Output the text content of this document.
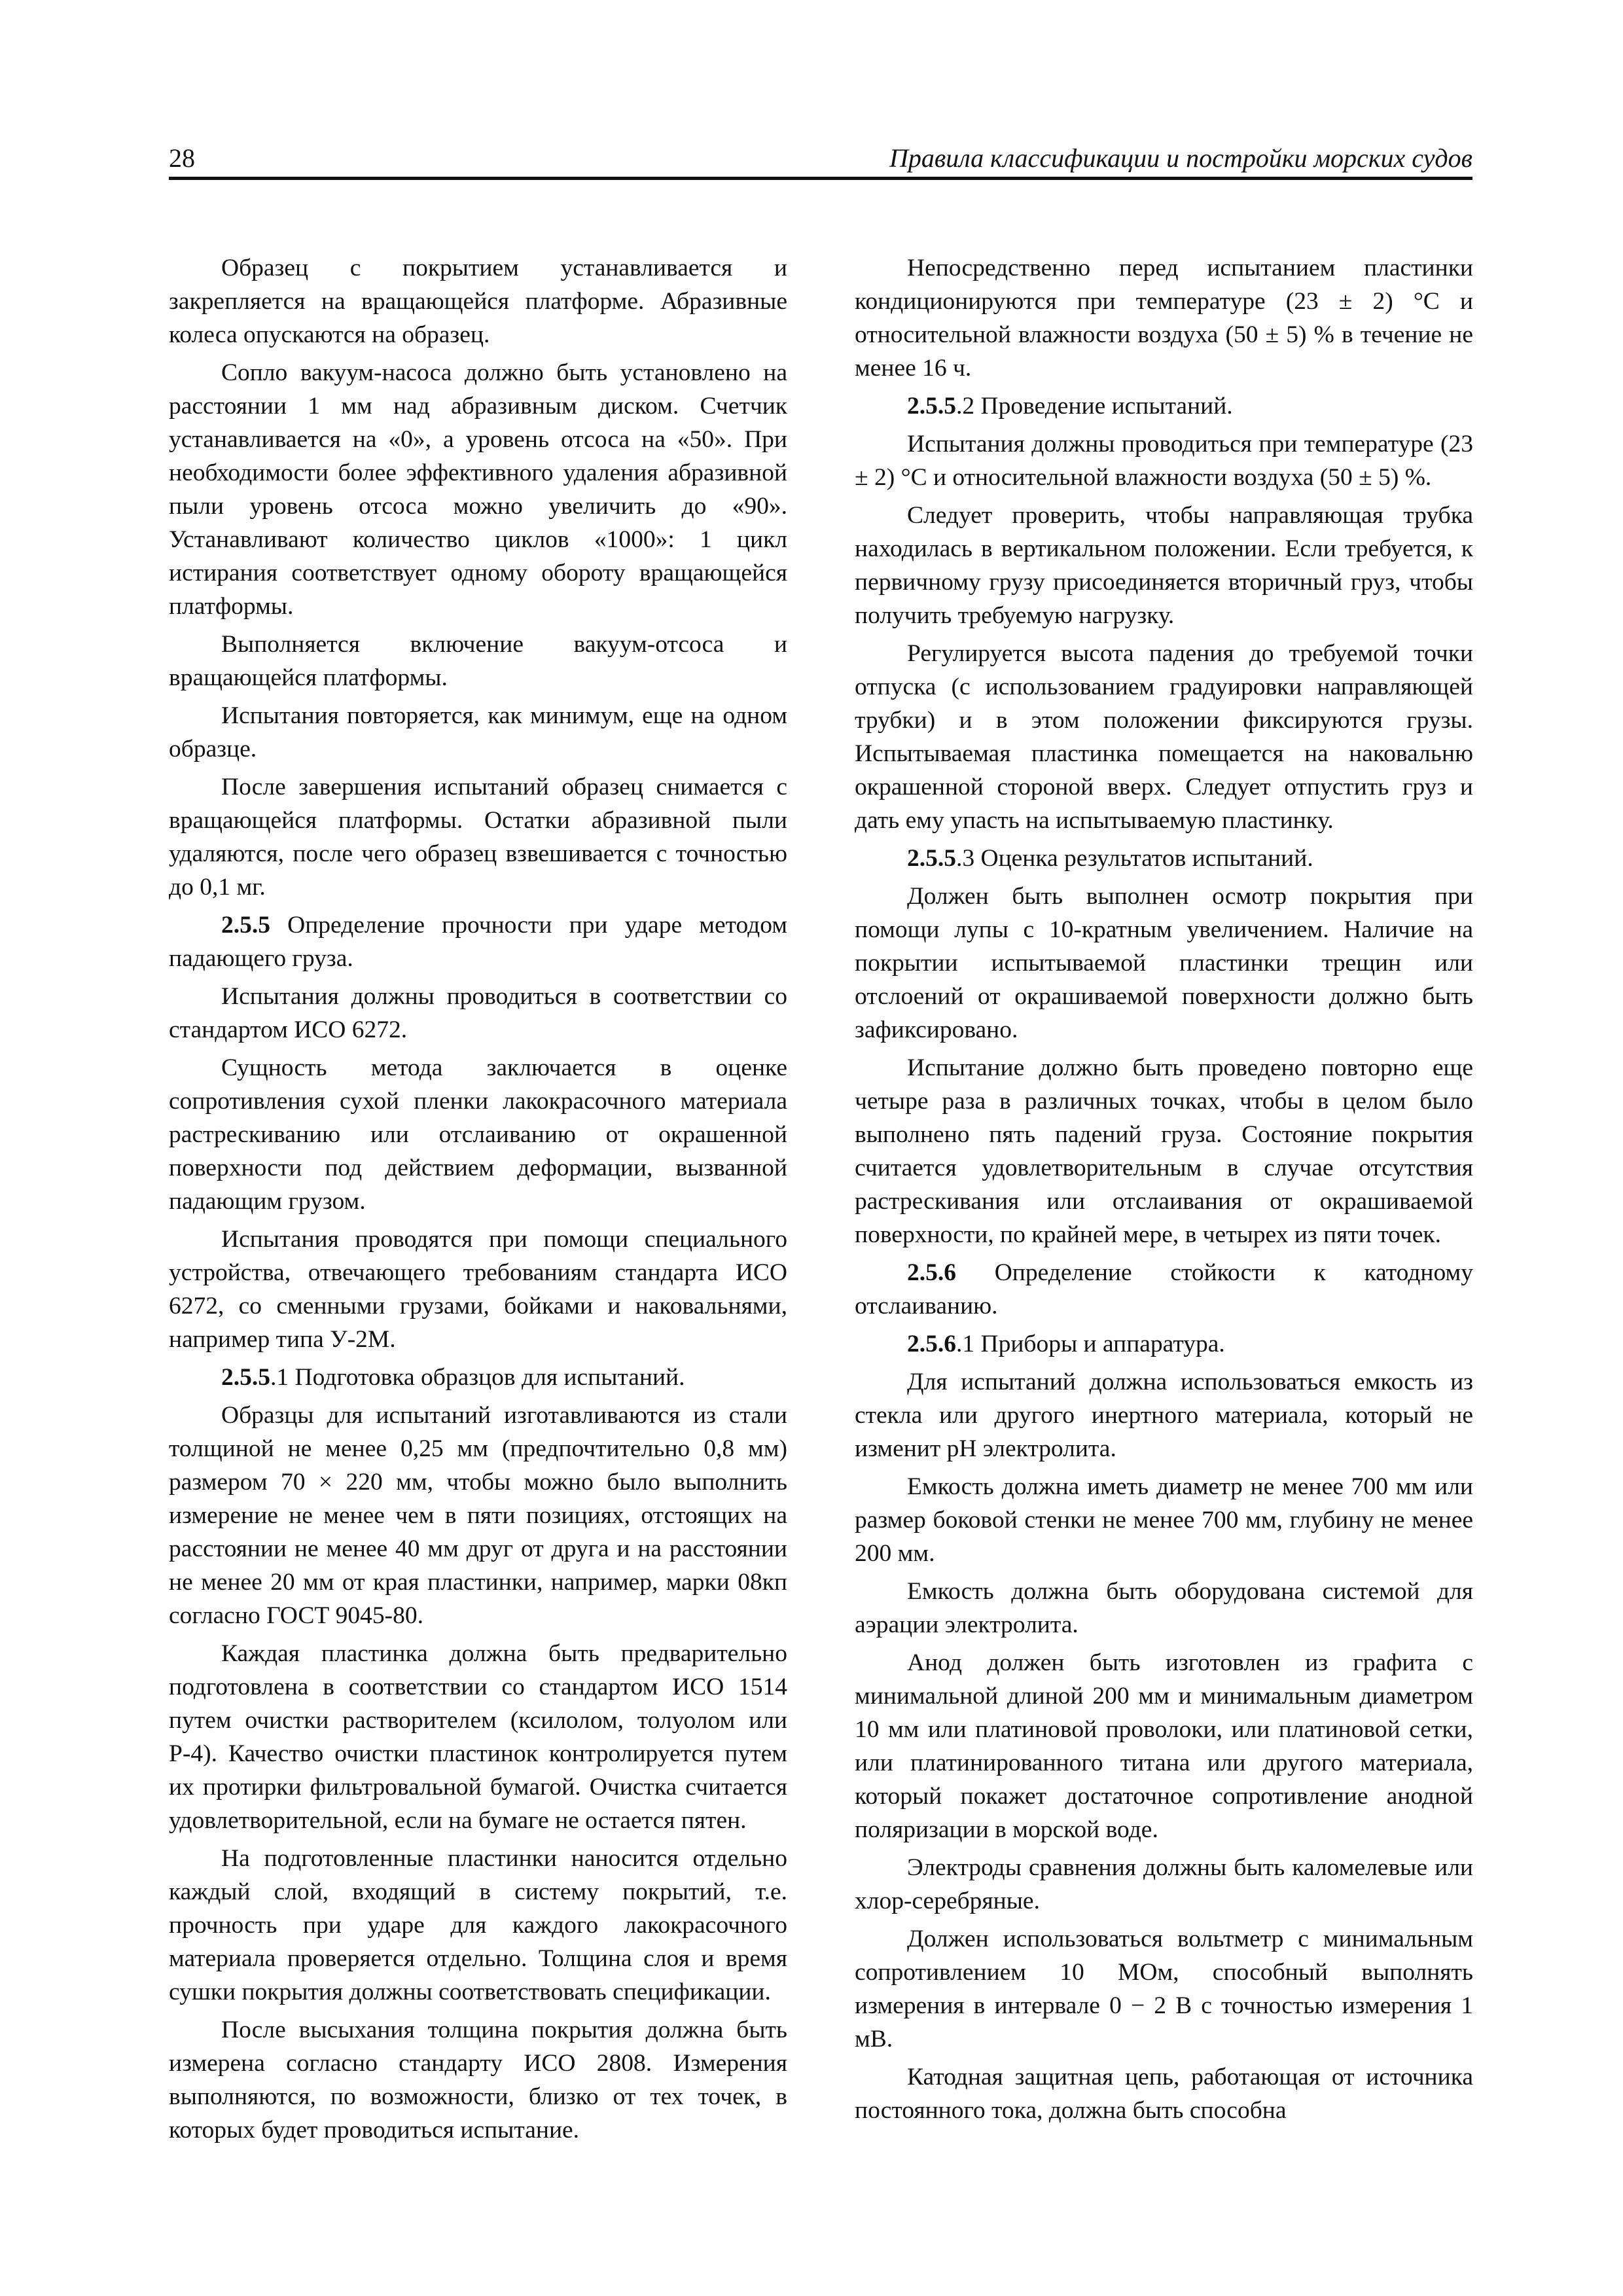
28	Правила классификации и постройки морских судов

Образец с покрытием устанавливается и закрепляется на вращающейся платформе. Абразивные колеса опускаются на образец.

Сопло вакуум-насоса должно быть установлено на расстоянии 1 мм над абразивным диском. Счетчик устанавливается на «0», а уровень отсоса на «50». При необходимости более эффективного удаления абразивной пыли уровень отсоса можно увеличить до «90». Устанавливают количество циклов «1000»: 1 цикл истирания соответствует одному обороту вращающейся платформы.

Выполняется включение вакуум-отсоса и вращающейся платформы.

Испытания повторяется, как минимум, еще на одном образце.

После завершения испытаний образец снимается с вращающейся платформы. Остатки абразивной пыли удаляются, после чего образец взвешивается с точностью до 0,1 мг.

2.5.5 Определение прочности при ударе методом падающего груза.

Испытания должны проводиться в соответствии со стандартом ИСО 6272.

Сущность метода заключается в оценке сопротивления сухой пленки лакокрасочного материала растрескиванию или отслаиванию от окрашенной поверхности под действием деформации, вызванной падающим грузом.

Испытания проводятся при помощи специального устройства, отвечающего требованиям стандарта ИСО 6272, со сменными грузами, бойками и наковальнями, например типа У-2М.

2.5.5.1 Подготовка образцов для испытаний.

Образцы для испытаний изготавливаются из стали толщиной не менее 0,25 мм (предпочтительно 0,8 мм) размером 70 × 220 мм, чтобы можно было выполнить измерение не менее чем в пяти позициях, отстоящих на расстоянии не менее 40 мм друг от друга и на расстоянии не менее 20 мм от края пластинки, например, марки 08кп согласно ГОСТ 9045-80.

Каждая пластинка должна быть предварительно подготовлена в соответствии со стандартом ИСО 1514 путем очистки растворителем (ксилолом, толуолом или Р-4). Качество очистки пластинок контролируется путем их протирки фильтровальной бумагой. Очистка считается удовлетворительной, если на бумаге не остается пятен.

На подготовленные пластинки наносится отдельно каждый слой, входящий в систему покрытий, т.е. прочность при ударе для каждого лакокрасочного материала проверяется отдельно. Толщина слоя и время сушки покрытия должны соответствовать спецификации.

После высыхания толщина покрытия должна быть измерена согласно стандарту ИСО 2808. Измерения выполняются, по возможности, близко от тех точек, в которых будет проводиться испытание.

Непосредственно перед испытанием пластинки кондиционируются при температуре (23 ± 2) °С и относительной влажности воздуха (50 ± 5) % в течение не менее 16 ч.

2.5.5.2 Проведение испытаний.

Испытания должны проводиться при температуре (23 ± 2) °С и относительной влажности воздуха (50 ± 5) %.

Следует проверить, чтобы направляющая трубка находилась в вертикальном положении. Если требуется, к первичному грузу присоединяется вторичный груз, чтобы получить требуемую нагрузку.

Регулируется высота падения до требуемой точки отпуска (с использованием градуировки направляющей трубки) и в этом положении фиксируются грузы. Испытываемая пластинка помещается на наковальню окрашенной стороной вверх. Следует отпустить груз и дать ему упасть на испытываемую пластинку.

2.5.5.3 Оценка результатов испытаний.

Должен быть выполнен осмотр покрытия при помощи лупы с 10-кратным увеличением. Наличие на покрытии испытываемой пластинки трещин или отслоений от окрашиваемой поверхности должно быть зафиксировано.

Испытание должно быть проведено повторно еще четыре раза в различных точках, чтобы в целом было выполнено пять падений груза. Состояние покрытия считается удовлетворительным в случае отсутствия растрескивания или отслаивания от окрашиваемой поверхности, по крайней мере, в четырех из пяти точек.

2.5.6 Определение стойкости к катодному отслаиванию.

2.5.6.1 Приборы и аппаратура.

Для испытаний должна использоваться емкость из стекла или другого инертного материала, который не изменит рН электролита.

Емкость должна иметь диаметр не менее 700 мм или размер боковой стенки не менее 700 мм, глубину не менее 200 мм.

Емкость должна быть оборудована системой для аэрации электролита.

Анод должен быть изготовлен из графита с минимальной длиной 200 мм и минимальным диаметром 10 мм или платиновой проволоки, или платиновой сетки, или платинированного титана или другого материала, который покажет достаточное сопротивление анодной поляризации в морской воде.

Электроды сравнения должны быть каломелевые или хлор-серебряные.

Должен использоваться вольтметр с минимальным сопротивлением 10 МОм, способный выполнять измерения в интервале 0 − 2 В с точностью измерения 1 мВ.

Катодная защитная цепь, работающая от источника постоянного тока, должна быть способна
